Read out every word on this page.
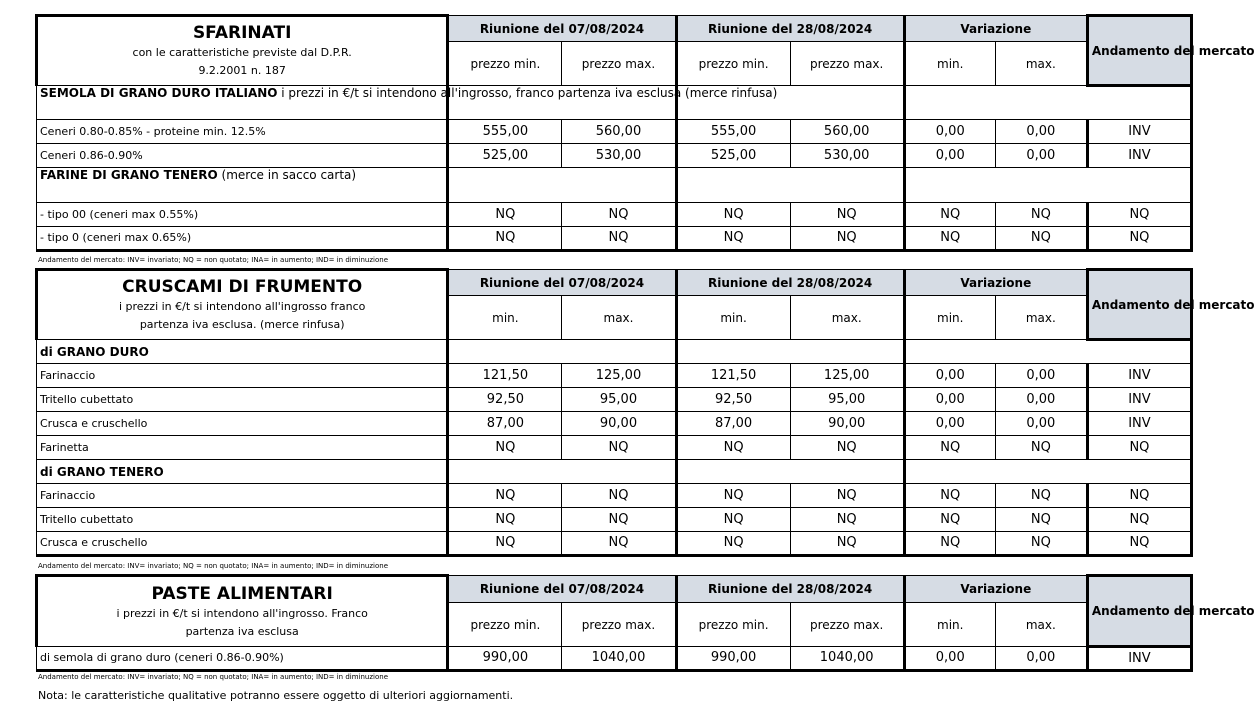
SFARINATI
con le caratteristiche previste dal D.P.R.
9.2.2001 n. 187	Riunione del 07/08/2024		Riunione del 28/08/2024		Variazione		Andamento del mercato
	prezzo min.	prezzo max.	prezzo min.	prezzo max.	min.	max.	
SEMOLA DI GRANO DURO ITALIANO i prezzi in €/t si intendono all'ingrosso, franco partenza iva esclusa (merce rinfusa)							
Ceneri 0.80-0.85% - proteine min. 12.5%	555,00	560,00	555,00	560,00	0,00	0,00	INV
Ceneri 0.86-0.90%	525,00	530,00	525,00	530,00	0,00	0,00	INV
FARINE DI GRANO TENERO (merce in sacco carta)							
- tipo 00 (ceneri max 0.55%)	NQ	NQ	NQ	NQ	NQ	NQ	NQ
- tipo 0 (ceneri max 0.65%)	NQ	NQ	NQ	NQ	NQ	NQ	NQ
Andamento del mercato: INV= invariato; NQ = non quotato; INA= in aumento; IND= in diminuzione
CRUSCAMI DI FRUMENTO
i prezzi in €/t si intendono all'ingrosso franco
partenza iva esclusa. (merce rinfusa)	Riunione del 07/08/2024		Riunione del 28/08/2024		Variazione		Andamento del mercato
	min.	max.	min.	max.	min.	max.	
di GRANO DURO							
Farinaccio	121,50	125,00	121,50	125,00	0,00	0,00	INV
Tritello cubettato	92,50	95,00	92,50	95,00	0,00	0,00	INV
Crusca e cruschello	87,00	90,00	87,00	90,00	0,00	0,00	INV
Farinetta	NQ	NQ	NQ	NQ	NQ	NQ	NQ
di GRANO TENERO							
Farinaccio	NQ	NQ	NQ	NQ	NQ	NQ	NQ
Tritello cubettato	NQ	NQ	NQ	NQ	NQ	NQ	NQ
Crusca e cruschello	NQ	NQ	NQ	NQ	NQ	NQ	NQ
Andamento del mercato: INV= invariato; NQ = non quotato; INA= in aumento; IND= in diminuzione
PASTE ALIMENTARI
i prezzi in €/t si intendono all'ingrosso. Franco
partenza iva esclusa	Riunione del 07/08/2024		Riunione del 28/08/2024		Variazione		Andamento del mercato
	prezzo min.	prezzo max.	prezzo min.	prezzo max.	min.	max.	
di semola di grano duro (ceneri 0.86-0.90%)	990,00	1040,00	990,00	1040,00	0,00	0,00	INV
Andamento del mercato: INV= invariato; NQ = non quotato; INA= in aumento; IND= in diminuzione
Nota: le caratteristiche qualitative potranno essere oggetto di ulteriori aggiornamenti.
